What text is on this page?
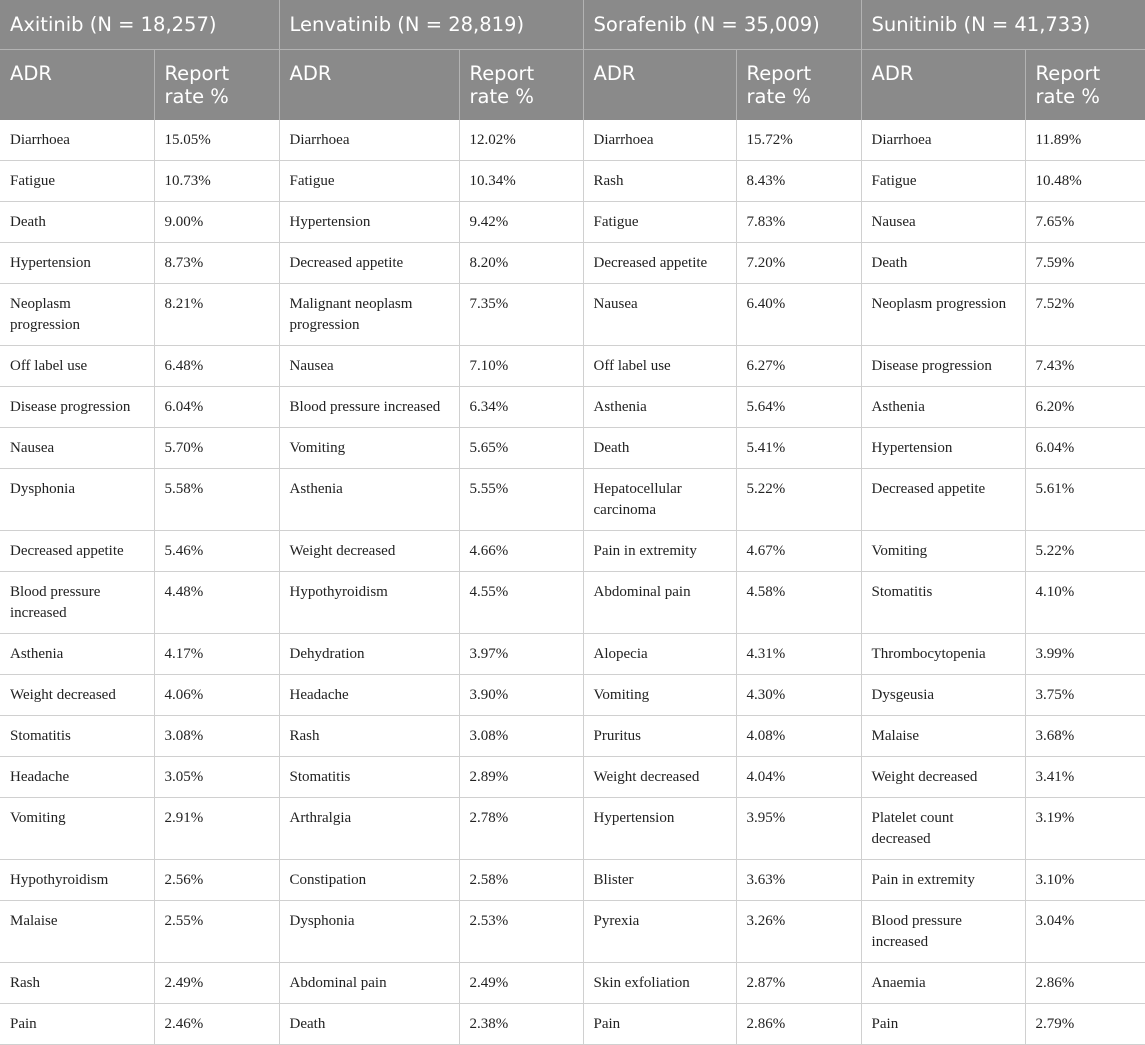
Axitinib (N = 18,257)		Lenvatinib (N = 28,819)		Sorafenib (N = 35,009)		Sunitinib (N = 41,733)	
ADR	Report rate %	ADR	Report rate %	ADR	Report rate %	ADR	Report rate %
Diarrhoea	15.05%	Diarrhoea	12.02%	Diarrhoea	15.72%	Diarrhoea	11.89%
Fatigue	10.73%	Fatigue	10.34%	Rash	8.43%	Fatigue	10.48%
Death	9.00%	Hypertension	9.42%	Fatigue	7.83%	Nausea	7.65%
Hypertension	8.73%	Decreased appetite	8.20%	Decreased appetite	7.20%	Death	7.59%
Neoplasm progression	8.21%	Malignant neoplasm progression	7.35%	Nausea	6.40%	Neoplasm progression	7.52%
Off label use	6.48%	Nausea	7.10%	Off label use	6.27%	Disease progression	7.43%
Disease progression	6.04%	Blood pressure increased	6.34%	Asthenia	5.64%	Asthenia	6.20%
Nausea	5.70%	Vomiting	5.65%	Death	5.41%	Hypertension	6.04%
Dysphonia	5.58%	Asthenia	5.55%	Hepatocellular carcinoma	5.22%	Decreased appetite	5.61%
Decreased appetite	5.46%	Weight decreased	4.66%	Pain in extremity	4.67%	Vomiting	5.22%
Blood pressure increased	4.48%	Hypothyroidism	4.55%	Abdominal pain	4.58%	Stomatitis	4.10%
Asthenia	4.17%	Dehydration	3.97%	Alopecia	4.31%	Thrombocytopenia	3.99%
Weight decreased	4.06%	Headache	3.90%	Vomiting	4.30%	Dysgeusia	3.75%
Stomatitis	3.08%	Rash	3.08%	Pruritus	4.08%	Malaise	3.68%
Headache	3.05%	Stomatitis	2.89%	Weight decreased	4.04%	Weight decreased	3.41%
Vomiting	2.91%	Arthralgia	2.78%	Hypertension	3.95%	Platelet count decreased	3.19%
Hypothyroidism	2.56%	Constipation	2.58%	Blister	3.63%	Pain in extremity	3.10%
Malaise	2.55%	Dysphonia	2.53%	Pyrexia	3.26%	Blood pressure increased	3.04%
Rash	2.49%	Abdominal pain	2.49%	Skin exfoliation	2.87%	Anaemia	2.86%
Pain	2.46%	Death	2.38%	Pain	2.86%	Pain	2.79%
